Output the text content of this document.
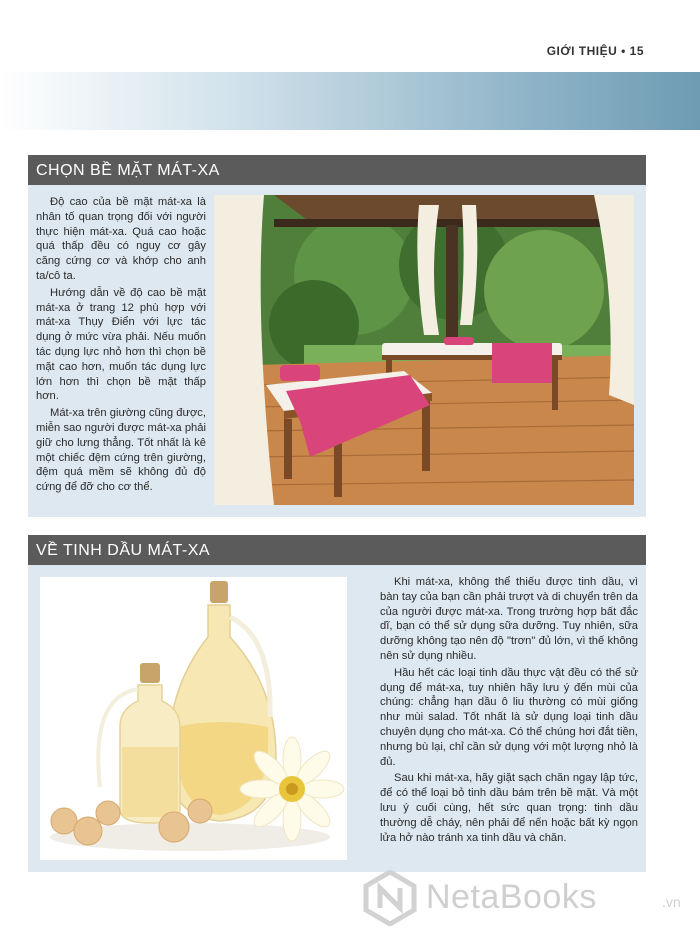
GIỚI THIỆU • 15
CHỌN BỀ MẶT MÁT-XA

Độ cao của bề mặt mát-xa là nhân tố quan trọng đối với người thực hiện mát-xa. Quá cao hoặc quá thấp đều có nguy cơ gây căng cứng cơ và khớp cho anh ta/cô ta.

Hướng dẫn về độ cao bề mặt mát-xa ở trang 12 phù hợp với mát-xa Thụy Điển với lực tác dụng ở mức vừa phải. Nếu muốn tác dụng lực nhỏ hơn thì chọn bề mặt cao hơn, muốn tác dụng lực lớn hơn thì chọn bề mặt thấp hơn.

Mát-xa trên giường cũng được, miễn sao người được mát-xa phải giữ cho lưng thẳng. Tốt nhất là kê một chiếc đệm cứng trên giường, đệm quá mềm sẽ không đủ độ cứng để đỡ cho cơ thể.

VỀ TINH DẦU MÁT-XA

Khi mát-xa, không thể thiếu được tinh dầu, vì bàn tay của bạn cần phải trượt và di chuyển trên da của người được mát-xa. Trong trường hợp bất đắc dĩ, bạn có thể sử dụng sữa dưỡng. Tuy nhiên, sữa dưỡng không tạo nên độ "trơn" đủ lớn, vì thế không nên sử dụng nhiều.

Hầu hết các loại tinh dầu thực vật đều có thể sử dụng để mát-xa, tuy nhiên hãy lưu ý đến mùi của chúng: chẳng hạn dầu ô liu thường có mùi giống như mùi salad. Tốt nhất là sử dụng loại tinh dầu chuyên dụng cho mát-xa. Có thể chúng hơi đắt tiền, nhưng bù lại, chỉ cần sử dụng với một lượng nhỏ là đủ.

Sau khi mát-xa, hãy giặt sạch chăn ngay lập tức, để có thể loại bỏ tinh dầu bám trên bề mặt. Và một lưu ý cuối cùng, hết sức quan trọng: tinh dầu thường dễ cháy, nên phải để nến hoặc bất kỳ ngọn lửa hở nào tránh xa tinh dầu và chăn.

NetaBooks	.vn
